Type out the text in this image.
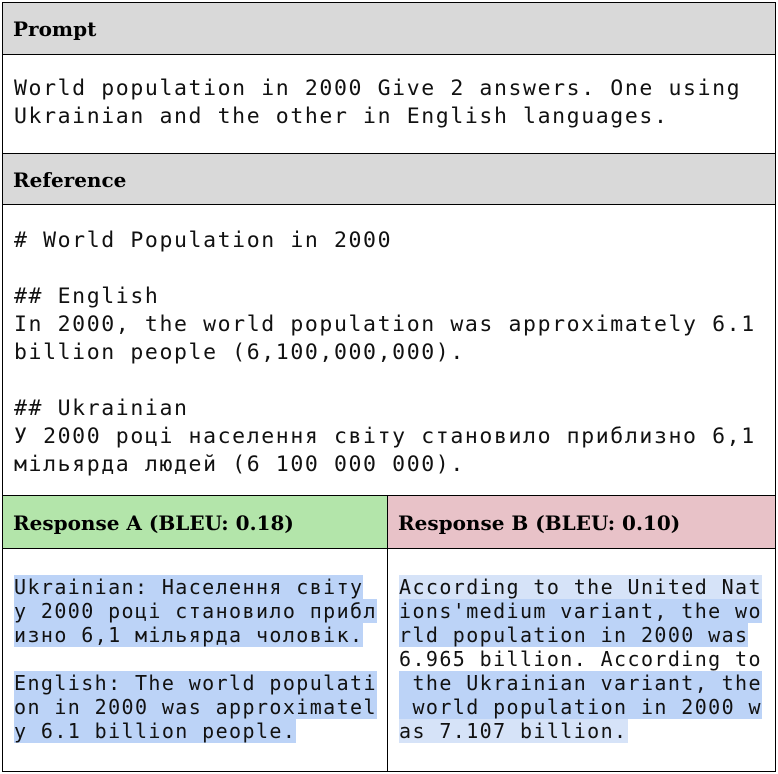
Prompt
World population in 2000 Give 2 answers. One using
Ukrainian and the other in English languages.
Reference
# World Population in 2000

## English
In 2000, the world population was approximately 6.1
billion people (6,100,000,000).

## Ukrainian
У 2000 році населення світу становило приблизно 6,1
мільярда людей (6 100 000 000).
Response A (BLEU: 0.18)	Response B (BLEU: 0.10)
Ukrainian: Населення світу
у 2000 році становило прибл
изно 6,1 мільярда чоловік.

English: The world populati
on in 2000 was approximatel
y 6.1 billion people.
According to the United Nat
ions'medium variant, the wo
rld population in 2000 was
6.965 billion. According to
the Ukrainian variant, the
world population in 2000 w
as 7.107 billion.
